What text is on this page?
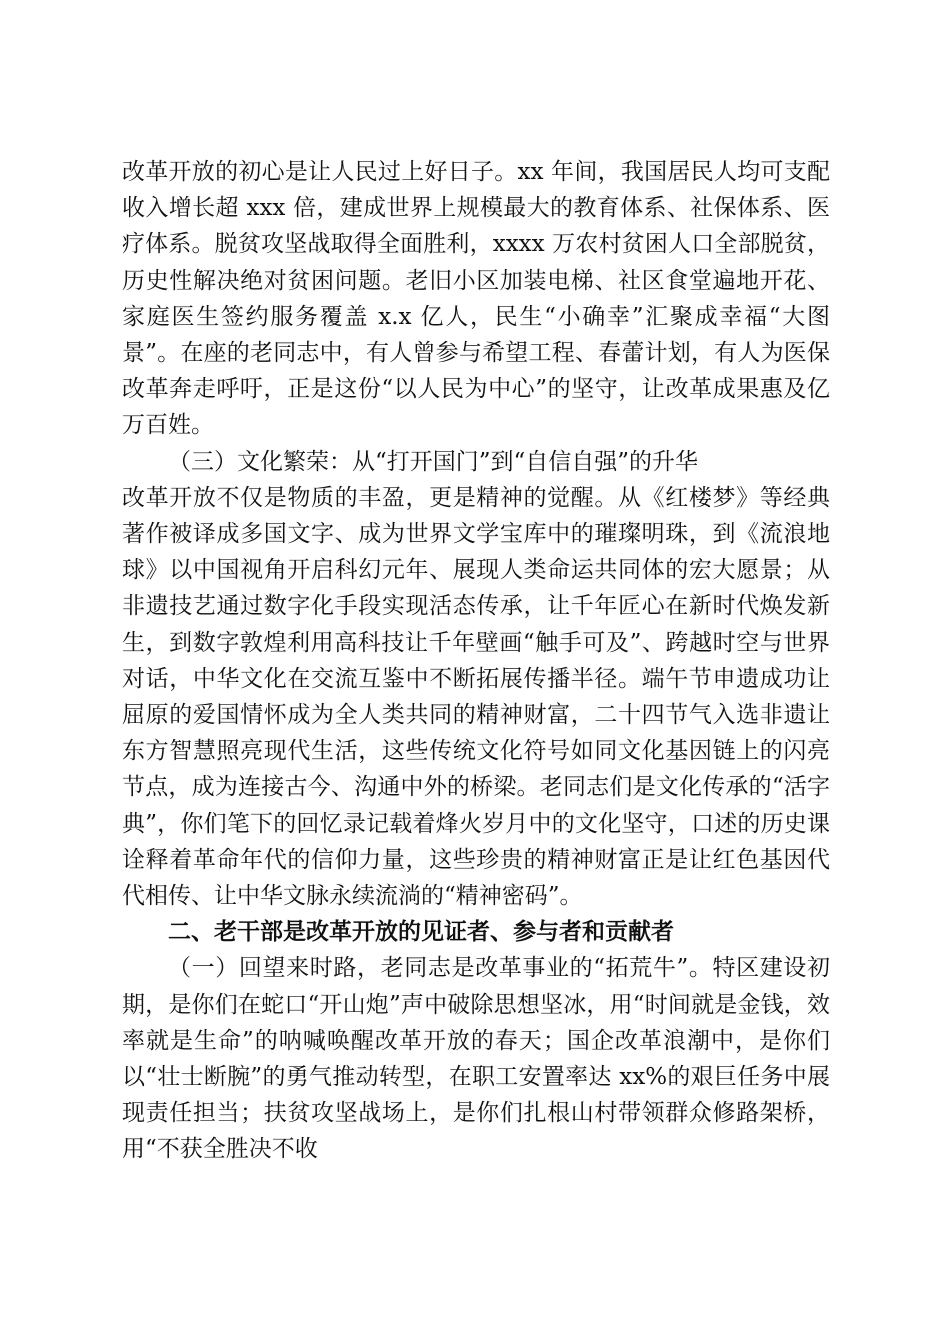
改革开放的初心是让人民过上好日子。xx 年间，我国居民人均可支配收入增长超 xxx 倍，建成世界上规模最大的教育体系、社保体系、医疗体系。脱贫攻坚战取得全面胜利，xxxx 万农村贫困人口全部脱贫，历史性解决绝对贫困问题。老旧小区加装电梯、社区食堂遍地开花、家庭医生签约服务覆盖 x.x 亿人，民生“小确幸”汇聚成幸福“大图景”。在座的老同志中，有人曾参与希望工程、春蕾计划，有人为医保改革奔走呼吁，正是这份“以人民为中心”的坚守，让改革成果惠及亿万百姓。

（三）文化繁荣：从“打开国门”到“自信自强”的升华

改革开放不仅是物质的丰盈，更是精神的觉醒。从《红楼梦》等经典著作被译成多国文字、成为世界文学宝库中的璀璨明珠，到《流浪地球》以中国视角开启科幻元年、展现人类命运共同体的宏大愿景；从非遗技艺通过数字化手段实现活态传承，让千年匠心在新时代焕发新生，到数字敦煌利用高科技让千年壁画“触手可及”、跨越时空与世界对话，中华文化在交流互鉴中不断拓展传播半径。端午节申遗成功让屈原的爱国情怀成为全人类共同的精神财富，二十四节气入选非遗让东方智慧照亮现代生活，这些传统文化符号如同文化基因链上的闪亮节点，成为连接古今、沟通中外的桥梁。老同志们是文化传承的“活字典”，你们笔下的回忆录记载着烽火岁月中的文化坚守，口述的历史课诠释着革命年代的信仰力量，这些珍贵的精神财富正是让红色基因代代相传、让中华文脉永续流淌的“精神密码”。

二、老干部是改革开放的见证者、参与者和贡献者

（一）回望来时路，老同志是改革事业的“拓荒牛”。特区建设初期，是你们在蛇口“开山炮”声中破除思想坚冰，用“时间就是金钱，效率就是生命”的呐喊唤醒改革开放的春天；国企改革浪潮中，是你们以“壮士断腕”的勇气推动转型，在职工安置率达 xx%的艰巨任务中展现责任担当；扶贫攻坚战场上，是你们扎根山村带领群众修路架桥，用“不获全胜决不收
